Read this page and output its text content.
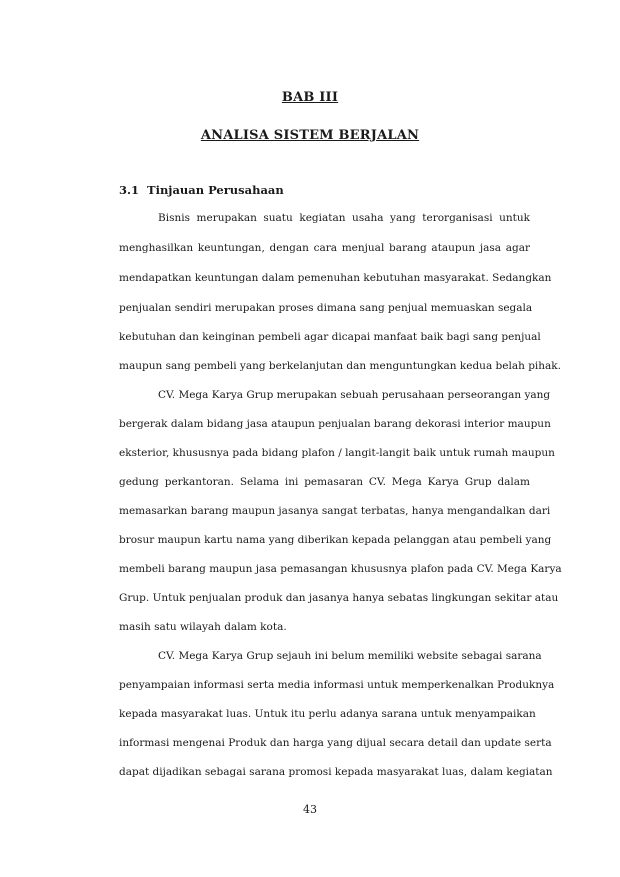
BAB III
ANALISA SISTEM BERJALAN
3.1 Tinjauan Perusahaan
Bisnis merupakan suatu kegiatan usaha yang terorganisasi untuk
menghasilkan keuntungan, dengan cara menjual barang ataupun jasa agar
mendapatkan keuntungan dalam pemenuhan kebutuhan masyarakat. Sedangkan
penjualan sendiri merupakan proses dimana sang penjual memuaskan segala
kebutuhan dan keinginan pembeli agar dicapai manfaat baik bagi sang penjual
maupun sang pembeli yang berkelanjutan dan menguntungkan kedua belah pihak.
CV. Mega Karya Grup merupakan sebuah perusahaan perseorangan yang
bergerak dalam bidang jasa ataupun penjualan barang dekorasi interior maupun
eksterior, khususnya pada bidang plafon / langit-langit baik untuk rumah maupun
gedung perkantoran. Selama ini pemasaran CV. Mega Karya Grup dalam
memasarkan barang maupun jasanya sangat terbatas, hanya mengandalkan dari
brosur maupun kartu nama yang diberikan kepada pelanggan atau pembeli yang
membeli barang maupun jasa pemasangan khususnya plafon pada CV. Mega Karya
Grup. Untuk penjualan produk dan jasanya hanya sebatas lingkungan sekitar atau
masih satu wilayah dalam kota.
CV. Mega Karya Grup sejauh ini belum memiliki website sebagai sarana
penyampaian informasi serta media informasi untuk memperkenalkan Produknya
kepada masyarakat luas. Untuk itu perlu adanya sarana untuk menyampaikan
informasi mengenai Produk dan harga yang dijual secara detail dan update serta
dapat dijadikan sebagai sarana promosi kepada masyarakat luas, dalam kegiatan
43
